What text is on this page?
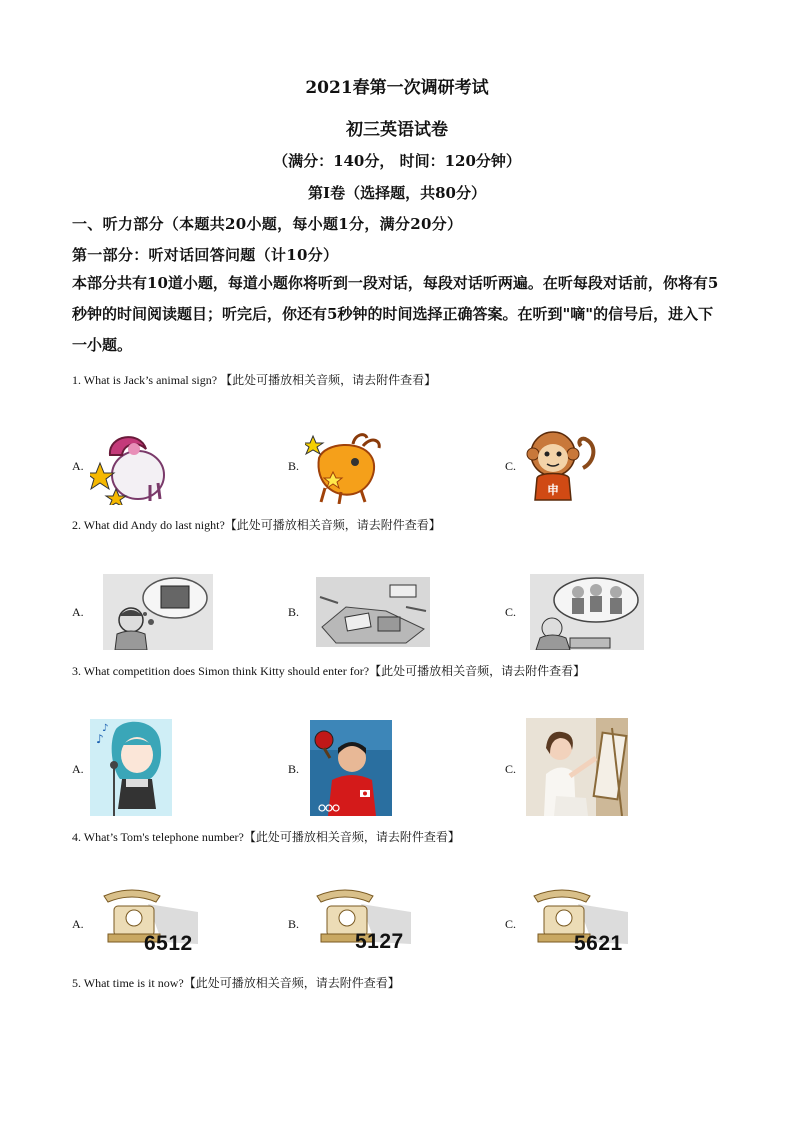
2021春第一次调研考试
初三英语试卷
（满分：140分， 时间：120分钟）
第I卷（选择题，共80分）
一、听力部分（本题共20小题，每小题1分，满分20分）
第一部分：听对话回答问题（计10分）
本部分共有10道小题，每道小题你将听到一段对话，每段对话听两遍。在听每段对话前，你将有5秒钟的时间阅读题目；听完后，你还有5秒钟的时间选择正确答案。在听到"嘀"的信号后，进入下一小题。
1. What is Jack’s animal sign? 【此处可播放相关音频，请去附件查看】
A.	B.	C.
申
2. What did Andy do last night?【此处可播放相关音频，请去附件查看】
A.	B.	C.
3. What competition does Simon think Kitty should enter for?【此处可播放相关音频，请去附件查看】
A.	B.	C.
♪
♪
4. What’s Tom's telephone number?【此处可播放相关音频，请去附件查看】
A.	B.	C.
6512	5127	5621
5. What time is it now?【此处可播放相关音频，请去附件查看】
